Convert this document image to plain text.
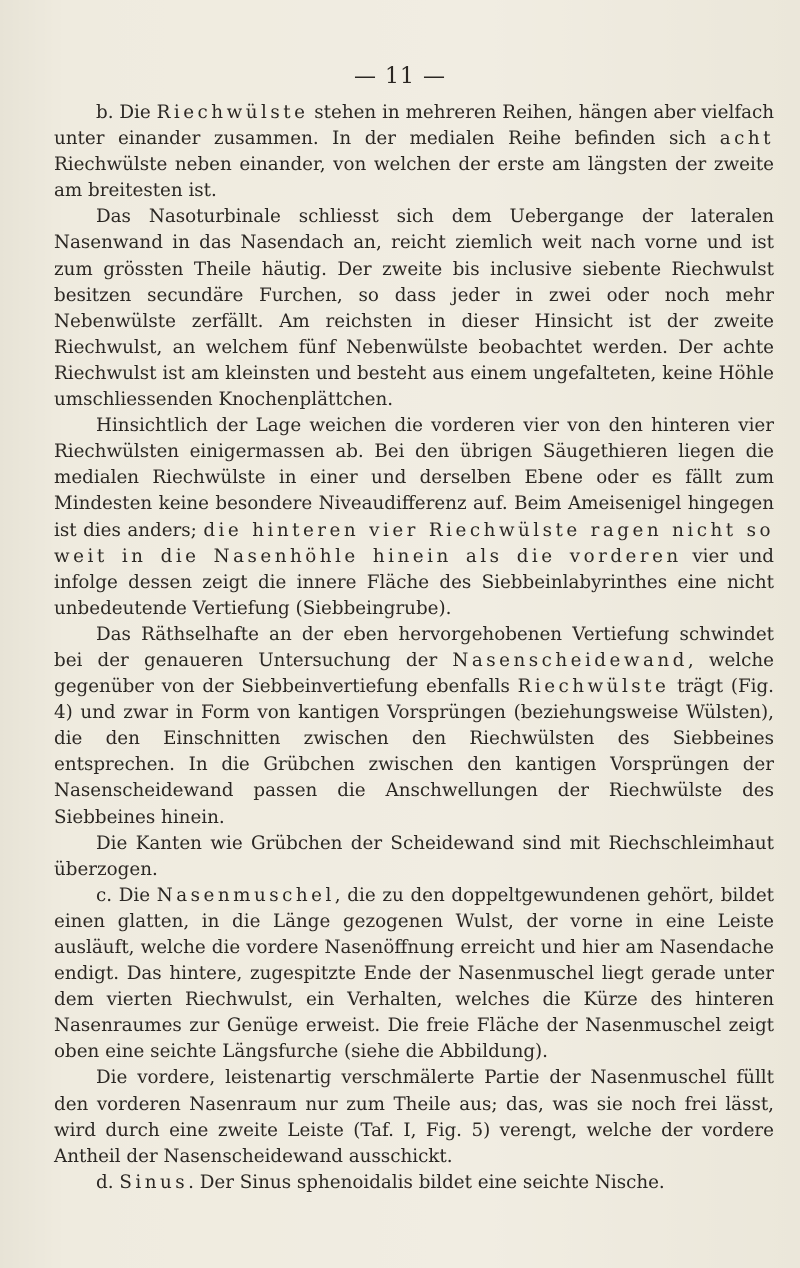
— 11 —

b. Die Riechwülste stehen in mehreren Reihen, hängen aber vielfach unter einander zusammen. In der medialen Reihe befinden sich acht Riechwülste neben einander, von welchen der erste am längsten der zweite am breitesten ist.

Das Nasoturbinale schliesst sich dem Uebergange der lateralen Nasenwand in das Nasendach an, reicht ziemlich weit nach vorne und ist zum grössten Theile häutig. Der zweite bis inclusive siebente Riechwulst besitzen secundäre Furchen, so dass jeder in zwei oder noch mehr Nebenwülste zerfällt. Am reichsten in dieser Hinsicht ist der zweite Riechwulst, an welchem fünf Nebenwülste beobachtet werden. Der achte Riechwulst ist am kleinsten und besteht aus einem ungefalteten, keine Höhle umschliessenden Knochenplättchen.

Hinsichtlich der Lage weichen die vorderen vier von den hinteren vier Riechwülsten einigermassen ab. Bei den übrigen Säugethieren liegen die medialen Riechwülste in einer und derselben Ebene oder es fällt zum Mindesten keine besondere Niveaudifferenz auf. Beim Ameisenigel hingegen ist dies anders; die hinteren vier Riechwülste ragen nicht so weit in die Nasenhöhle hinein als die vorderen vier und infolge dessen zeigt die innere Fläche des Siebbeinlabyrinthes eine nicht unbedeutende Vertiefung (Siebbeingrube).

Das Räthselhafte an der eben hervorgehobenen Vertiefung schwindet bei der genaueren Untersuchung der Nasenscheidewand, welche gegenüber von der Siebbeinvertiefung ebenfalls Riechwülste trägt (Fig. 4) und zwar in Form von kantigen Vorsprüngen (beziehungsweise Wülsten), die den Einschnitten zwischen den Riechwülsten des Siebbeines entsprechen. In die Grübchen zwischen den kantigen Vorsprüngen der Nasenscheidewand passen die Anschwellungen der Riechwülste des Siebbeines hinein.

Die Kanten wie Grübchen der Scheidewand sind mit Riechschleimhaut überzogen.

c. Die Nasenmuschel, die zu den doppeltgewundenen gehört, bildet einen glatten, in die Länge gezogenen Wulst, der vorne in eine Leiste ausläuft, welche die vordere Nasenöffnung erreicht und hier am Nasendache endigt. Das hintere, zugespitzte Ende der Nasenmuschel liegt gerade unter dem vierten Riechwulst, ein Verhalten, welches die Kürze des hinteren Nasenraumes zur Genüge erweist. Die freie Fläche der Nasenmuschel zeigt oben eine seichte Längsfurche (siehe die Abbildung).

Die vordere, leistenartig verschmälerte Partie der Nasenmuschel füllt den vorderen Nasenraum nur zum Theile aus; das, was sie noch frei lässt, wird durch eine zweite Leiste (Taf. I, Fig. 5) verengt, welche der vordere Antheil der Nasenscheidewand ausschickt.

d. Sinus. Der Sinus sphenoidalis bildet eine seichte Nische.
